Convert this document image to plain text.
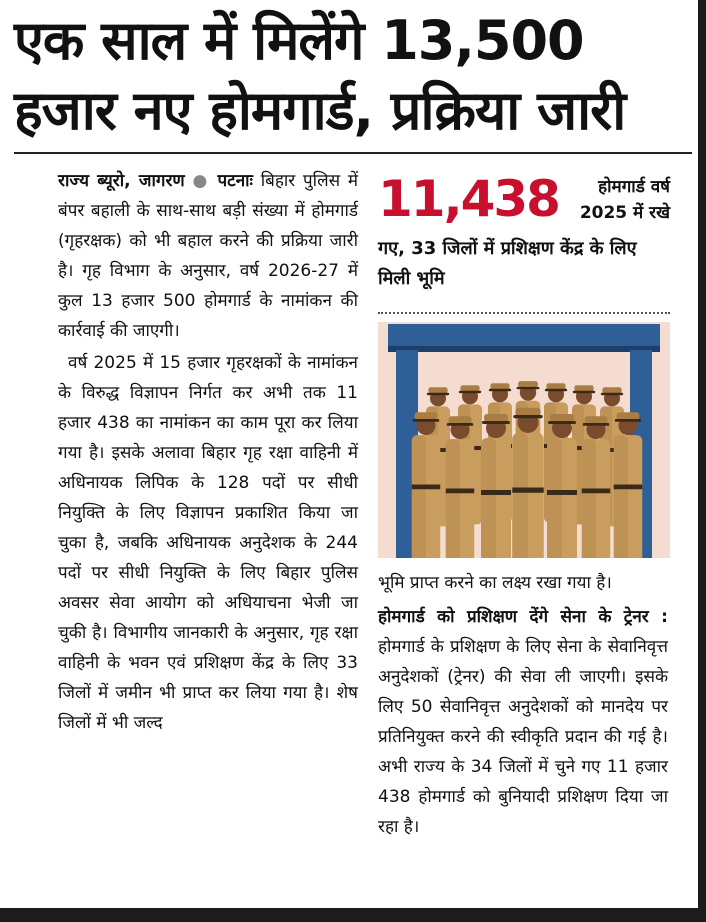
एक साल में मिलेंगे 13,500 हजार नए होमगार्ड, प्रक्रिया जारी

राज्य ब्यूरो, जागरण ● पटनाः बिहार पुलिस में बंपर बहाली के साथ-साथ बड़ी संख्या में होमगार्ड (गृहरक्षक) को भी बहाल करने की प्रक्रिया जारी है। गृह विभाग के अनुसार, वर्ष 2026-27 में कुल 13 हजार 500 होमगार्ड के नामांकन की कार्रवाई की जाएगी।

वर्ष 2025 में 15 हजार गृहरक्षकों के नामांकन के विरुद्ध विज्ञापन निर्गत कर अभी तक 11 हजार 438 का नामांकन का काम पूरा कर लिया गया है। इसके अलावा बिहार गृह रक्षा वाहिनी में अधिनायक लिपिक के 128 पदों पर सीधी नियुक्ति के लिए विज्ञापन प्रकाशित किया जा चुका है, जबकि अधिनायक अनुदेशक के 244 पदों पर सीधी नियुक्ति के लिए बिहार पुलिस अवसर सेवा आयोग को अधियाचना भेजी जा चुकी है। विभागीय जानकारी के अनुसार, गृह रक्षा वाहिनी के भवन एवं प्रशिक्षण केंद्र के लिए 33 जिलों में जमीन भी प्राप्त कर लिया गया है। शेष जिलों में भी जल्द

11,438	होमगार्ड वर्ष 2025 में रखे

गए, 33 जिलों में प्रशिक्षण केंद्र के लिए मिली भूमि

भूमि प्राप्त करने का लक्ष्य रखा गया है।

होमगार्ड को प्रशिक्षण देंगे सेना के ट्रेनर : होमगार्ड के प्रशिक्षण के लिए सेना के सेवानिवृत्त अनुदेशकों (ट्रेनर) की सेवा ली जाएगी। इसके लिए 50 सेवानिवृत्त अनुदेशकों को मानदेय पर प्रतिनियुक्त करने की स्वीकृति प्रदान की गई है। अभी राज्य के 34 जिलों में चुने गए 11 हजार 438 होमगार्ड को बुनियादी प्रशिक्षण दिया जा रहा है।
